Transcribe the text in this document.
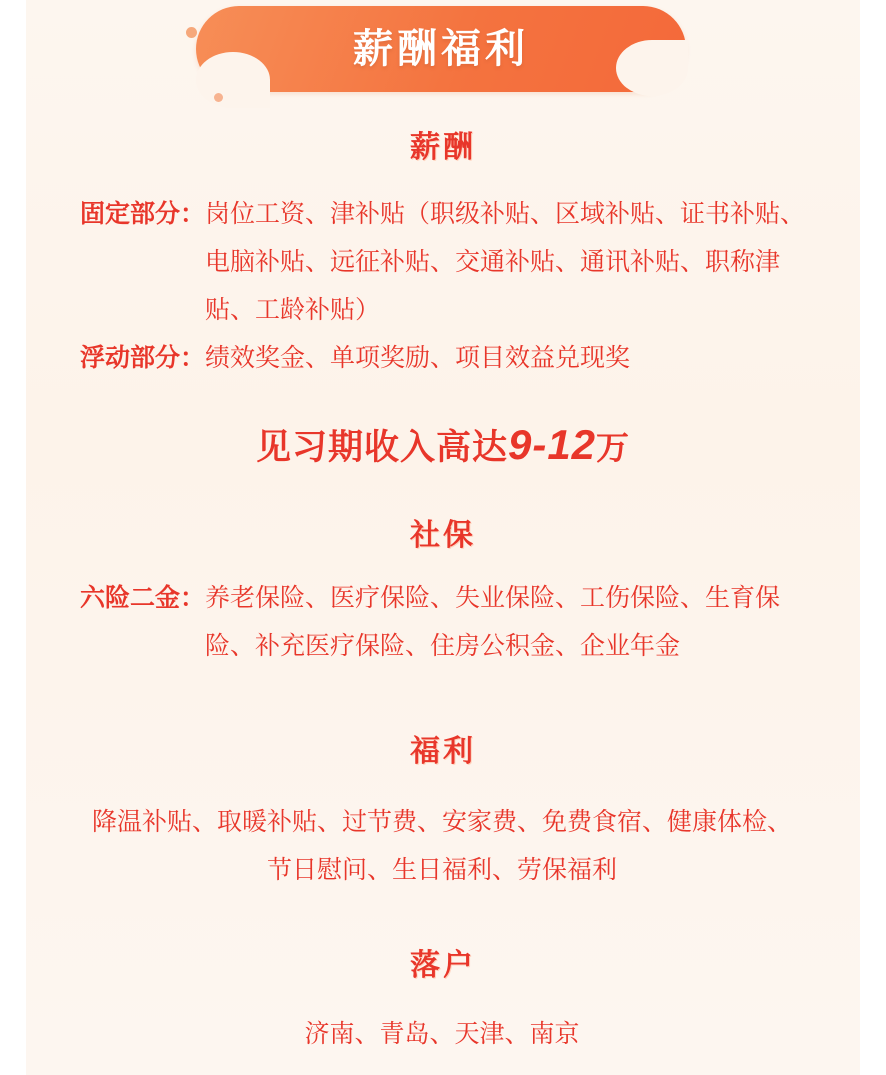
薪酬福利
薪酬
固定部分： 岗位工资、津补贴（职级补贴、区域补贴、证书补贴、电脑补贴、远征补贴、交通补贴、通讯补贴、职称津贴、工龄补贴）
浮动部分： 绩效奖金、单项奖励、项目效益兑现奖
见习期收入高达9-12万
社保
六险二金： 养老保险、医疗保险、失业保险、工伤保险、生育保险、补充医疗保险、住房公积金、企业年金
福利
降温补贴、取暖补贴、过节费、安家费、免费食宿、健康体检、节日慰问、生日福利、劳保福利
落户
济南、青岛、天津、南京
